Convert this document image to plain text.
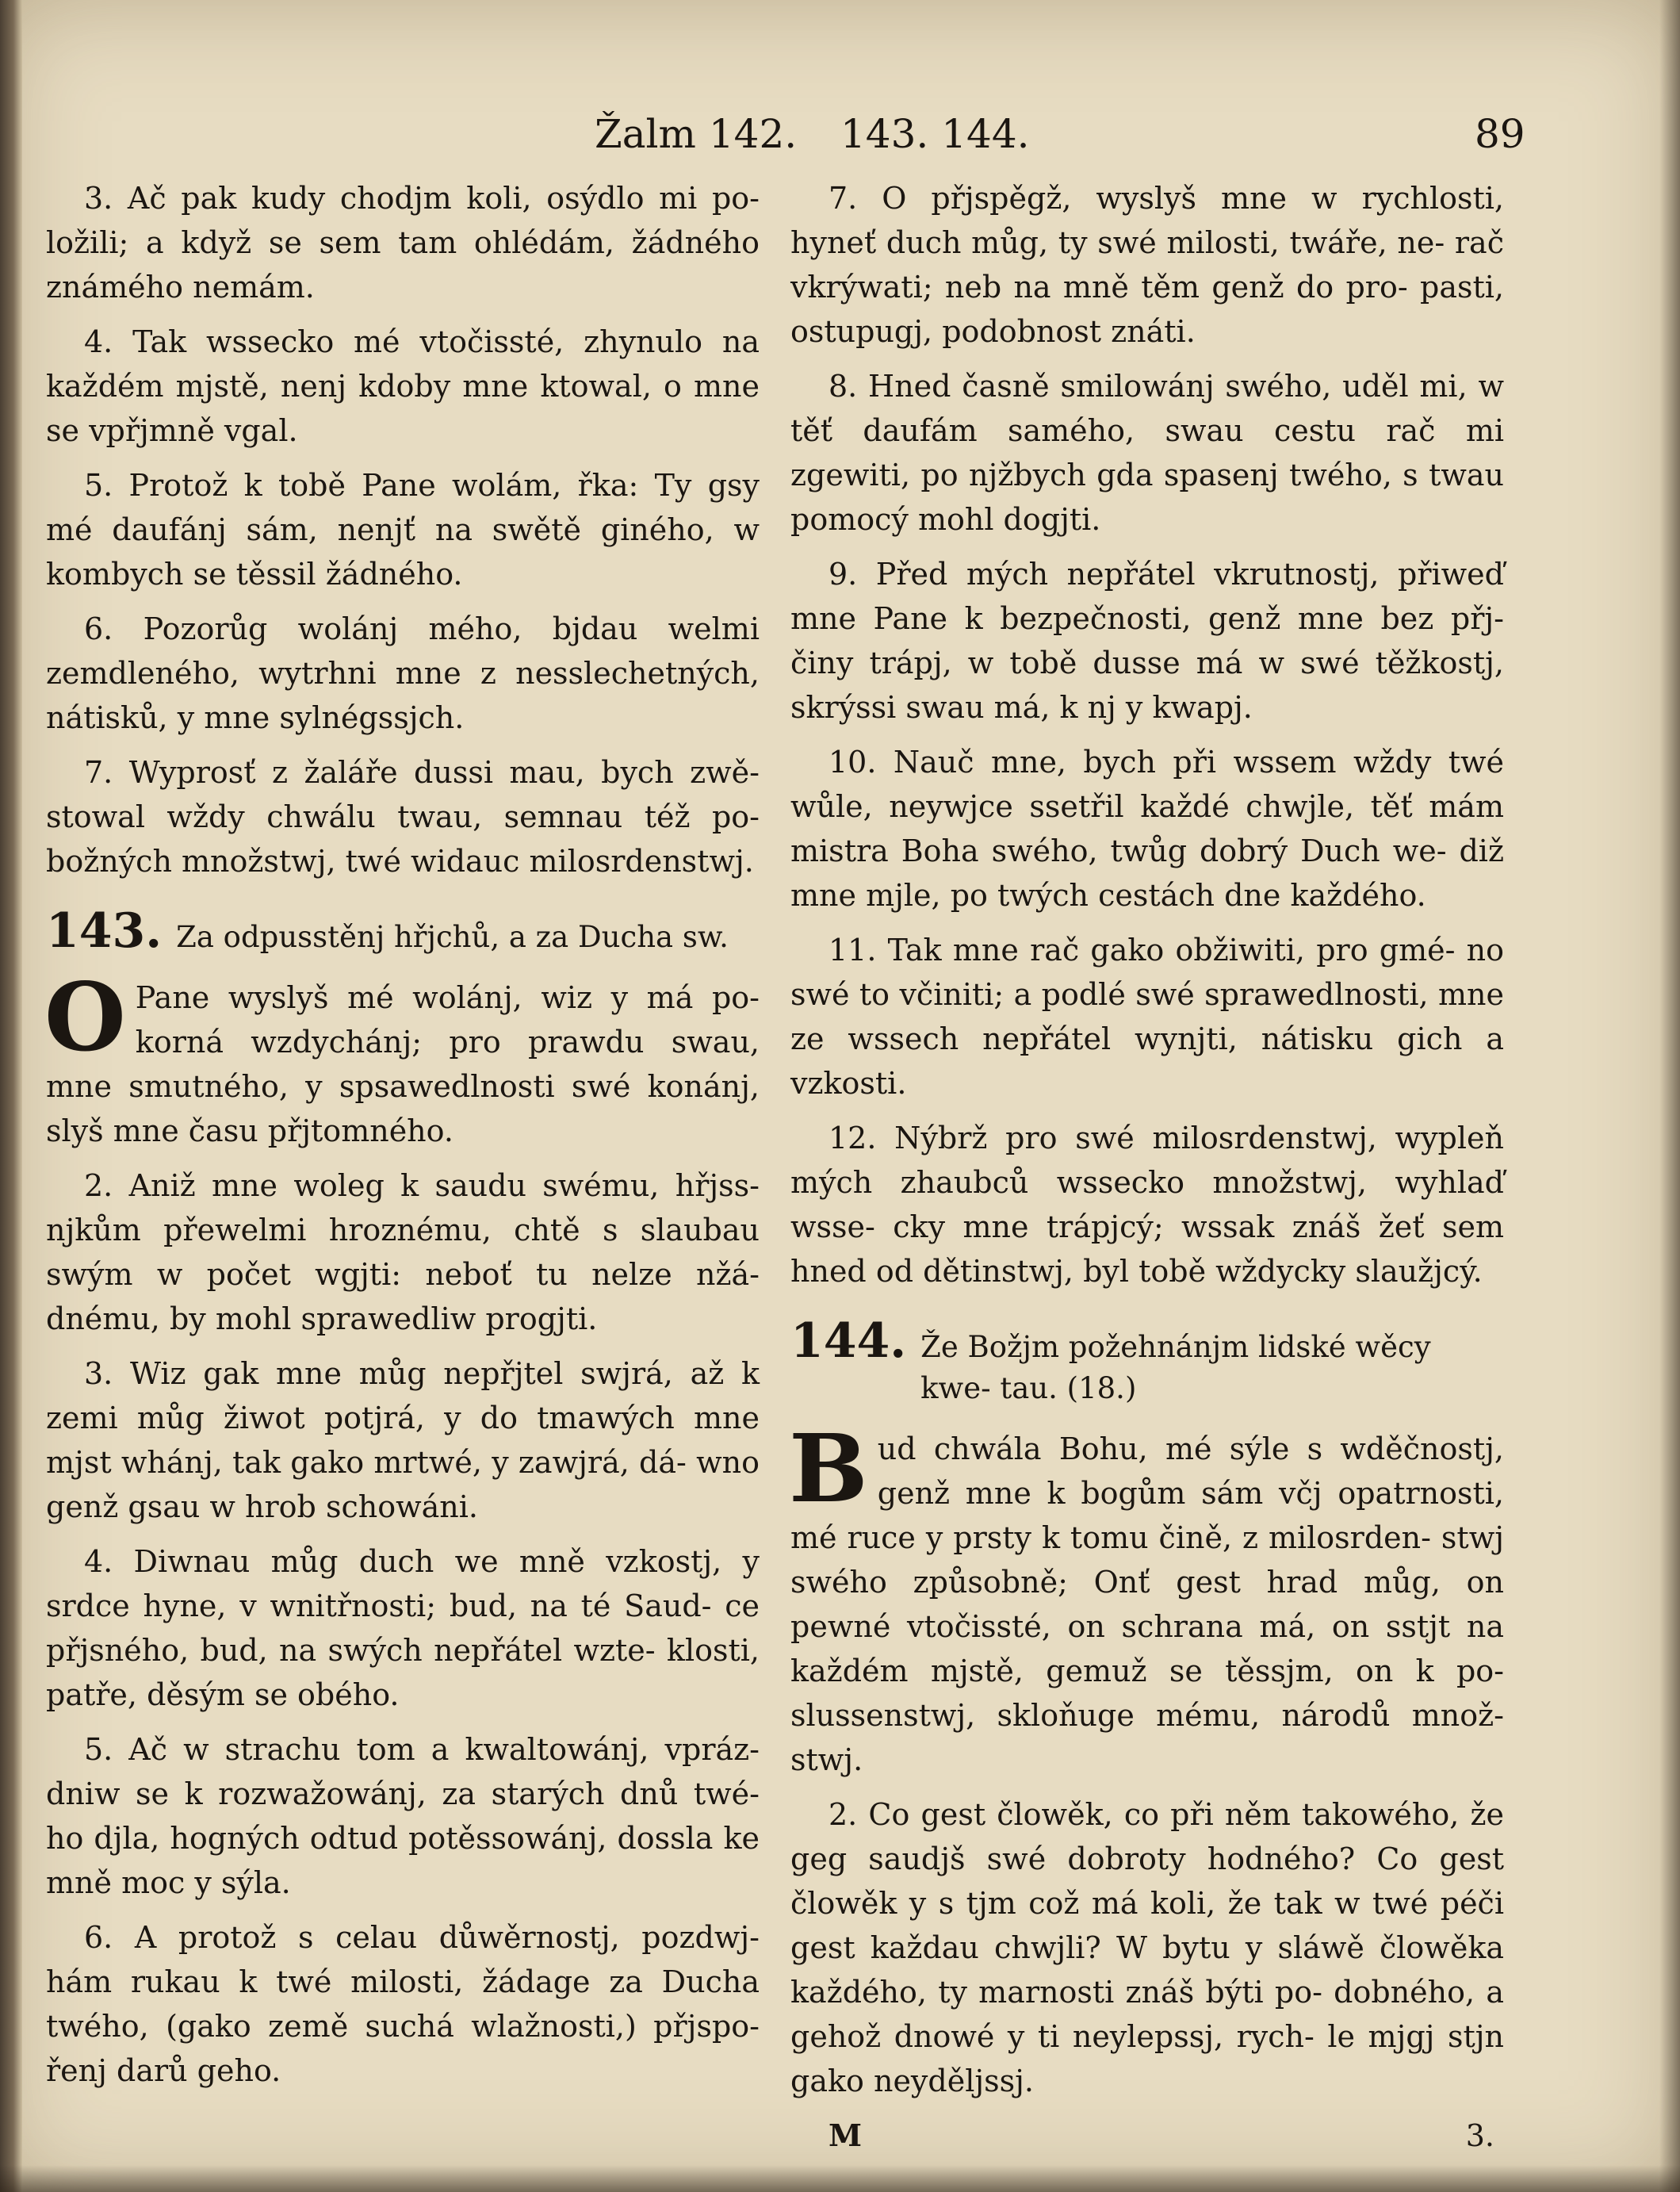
Žalm 142. 143. 144.	89

3. Ač pak kudy chodjm koli, osýdlo mi po- ložili; a když se sem tam ohlédám, žádného známého nemám.

4. Tak wssecko mé vtočissté, zhynulo na každém mjstě, nenj kdoby mne ktowal, o mne se vpřjmně vgal.

5. Protož k tobě Pane wolám, řka: Ty gsy mé daufánj sám, nenjť na swětě giného, w kombych se těssil žádného.

6. Pozorůg wolánj mého, bjdau welmi zemdleného, wytrhni mne z nesslechetných, nátisků, y mne sylnégssjch.

7. Wyprosť z žaláře dussi mau, bych zwě- stowal wždy chwálu twau, semnau též po- božných množstwj, twé widauc milosrdenstwj.

143. Za odpusstěnj hřjchů, a za Ducha sw.

O Pane wyslyš mé wolánj, wiz y má po- korná wzdychánj; pro prawdu swau, mne smutného, y spsawedlnosti swé konánj, slyš mne času přjtomného.

2. Aniž mne woleg k saudu swému, hřjss- njkům přewelmi hroznému, chtě s slaubau swým w počet wgjti: neboť tu nelze nžá- dnému, by mohl sprawedliw progjti.

3. Wiz gak mne můg nepřjtel swjrá, až k zemi můg žiwot potjrá, y do tmawých mne mjst whánj, tak gako mrtwé, y zawjrá, dá- wno genž gsau w hrob schowáni.

4. Diwnau můg duch we mně vzkostj, y srdce hyne, v wnitřnosti; bud, na té Saud- ce přjsného, bud, na swých nepřátel wzte- klosti, patře, děsým se obého.

5. Ač w strachu tom a kwaltowánj, vpráz- dniw se k rozwažowánj, za starých dnů twé- ho djla, hogných odtud potěssowánj, dossla ke mně moc y sýla.

6. A protož s celau důwěrnostj, pozdwj- hám rukau k twé milosti, žádage za Ducha twého, (gako země suchá wlažnosti,) přjspo- řenj darů geho.

7. O přjspěgž, wyslyš mne w rychlosti, hyneť duch můg, ty swé milosti, twáře, ne- rač vkrýwati; neb na mně těm genž do pro- pasti, ostupugj, podobnost znáti.

8. Hned časně smilowánj swého, uděl mi, w těť daufám samého, swau cestu rač mi zgewiti, po njžbych gda spasenj twého, s twau pomocý mohl dogjti.

9. Před mých nepřátel vkrutnostj, přiweď mne Pane k bezpečnosti, genž mne bez přj- činy trápj, w tobě dusse má w swé těžkostj, skrýssi swau má, k nj y kwapj.

10. Nauč mne, bych při wssem wždy twé wůle, neywjce ssetřil každé chwjle, těť mám mistra Boha swého, twůg dobrý Duch we- diž mne mjle, po twých cestách dne každého.

11. Tak mne rač gako obžiwiti, pro gmé- no swé to včiniti; a podlé swé sprawedlnosti, mne ze wssech nepřátel wynjti, nátisku gich a vzkosti.

12. Nýbrž pro swé milosrdenstwj, wypleň mých zhaubců wssecko množstwj, wyhlaď wsse- cky mne trápjcý; wssak znáš žeť sem hned od dětinstwj, byl tobě wždycky slaužjcý.

144. Že Božjm požehnánjm lidské wěcy kwe- tau. (18.)

B ud chwála Bohu, mé sýle s wděčnostj, genž mne k bogům sám včj opatrnosti, mé ruce y prsty k tomu čině, z milosrden- stwj swého způsobně; Onť gest hrad můg, on pewné vtočissté, on schrana má, on sstjt na každém mjstě, gemuž se těssjm, on k po- slussenstwj, skloňuge mému, národů množ- stwj.

2. Co gest člowěk, co při něm takowého, že geg saudjš swé dobroty hodného? Co gest člowěk y s tjm což má koli, že tak w twé péči gest každau chwjli? W bytu y sláwě člowěka každého, ty marnosti znáš býti po- dobného, a gehož dnowé y ti neylepssj, rych- le mjgj stjn gako neyděljssj.

M	3.
